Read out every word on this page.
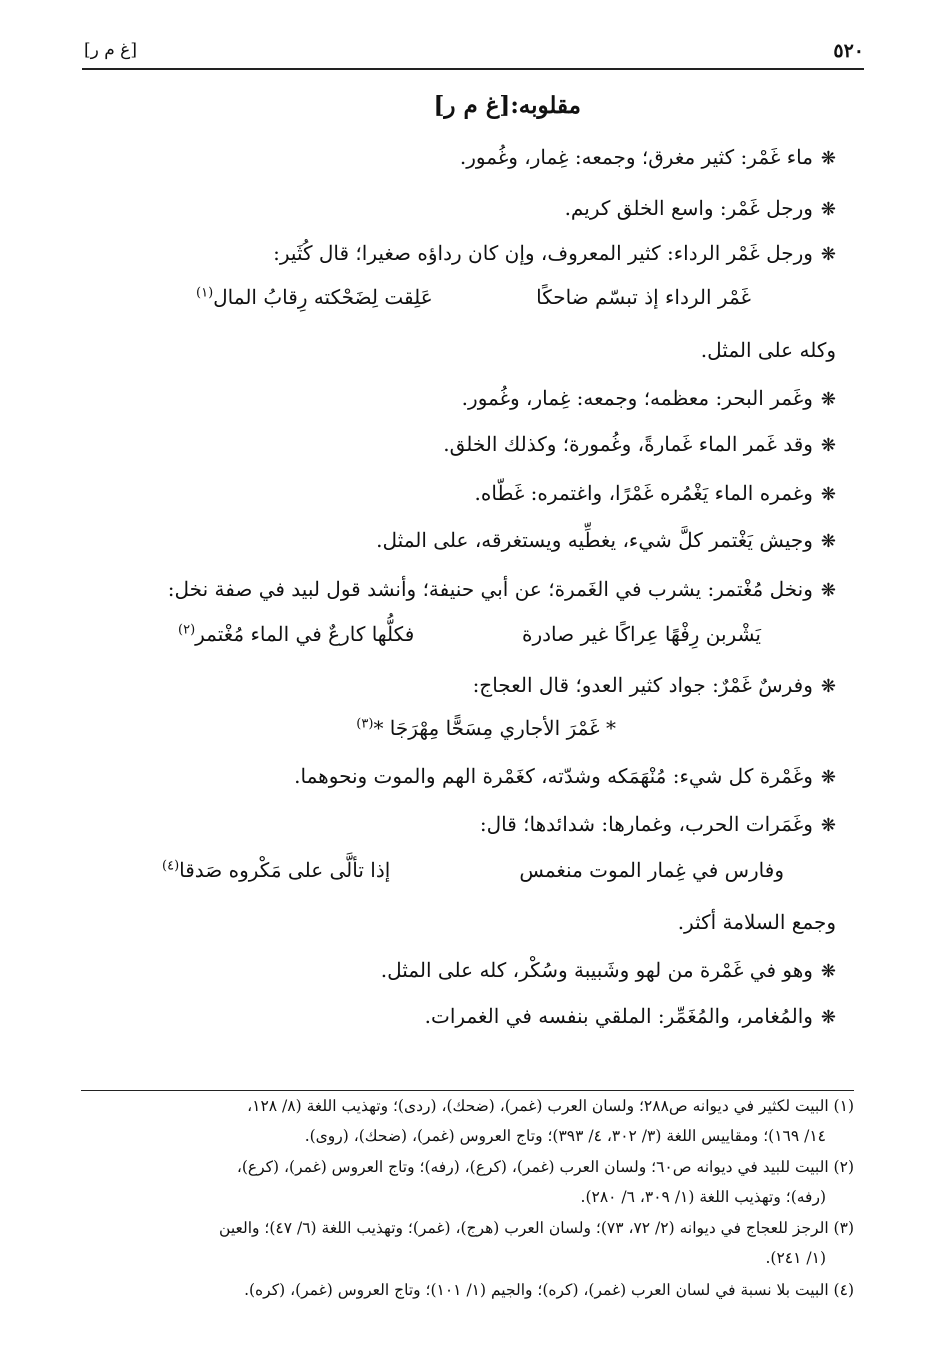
٥٢٠
[غ م ر]
مقلوبه:[غ م ر]
❋ماء غَمْر: كثير مغرق؛ وجمعه: غِمار، وغُمور.
❋ورجل غَمْر: واسع الخلق كريم.
❋ورجل غَمْر الرداء: كثير المعروف، وإن كان رداؤه صغيرا؛ قال كُثَير:
غَمْر الرداء إذ تبسّم ضاحكًا
عَلِقت لِضَحْكته رِقابُ المال$^{(١)}$
وكله على المثل.
❋وغَمر البحر: معظمه؛ وجمعه: غِمار، وغُمور.
❋وقد غَمر الماء غَمارةً، وغُمورة؛ وكذلك الخلق.
❋وغمره الماء يَغْمُره غَمْرًا، واغتمره: غَطّاه.
❋وجيش يَغْتمر كلَّ شيء، يغطِّيه ويستغرقه، على المثل.
❋ونخل مُغْتمر: يشرب في الغَمرة؛ عن أبي حنيفة؛ وأنشد قول لبيد في صفة نخل:
يَشْربن رِفْهًا عِراكًا غير صادرة
فكلُّها كارعٌ في الماء مُغْتمر$^{(٢)}$
❋وفرسٌ غَمْرٌ: جواد كثير العدو؛ قال العجاج:
* غَمْرَ الأجاري مِسَحًّا مِهْرَجَا *$^{(٣)}$
❋وغَمْرة كل شيء: مُنْهَمَكه وشدّته، كغَمْرة الهم والموت ونحوهما.
❋وغَمَرات الحرب، وغمارها: شدائدها؛ قال:
وفارس في غِمار الموت منغمس
إذا تألَّى على مَكْروه صَدقا$^{(٤)}$
وجمع السلامة أكثر.
❋وهو في غَمْرة من لهو وشَبيبة وسُكْر، كله على المثل.
❋والمُغامر، والمُغَمِّر: الملقي بنفسه في الغمرات.
(١) البيت لكثير في ديوانه ص٢٨٨؛ ولسان العرب (غمر)، (ضحك)، (ردى)؛ وتهذيب اللغة (٨/ ١٢٨،
١٤/ ١٦٩)؛ ومقاييس اللغة (٣/ ٣٠٢، ٤/ ٣٩٣)؛ وتاج العروس (غمر)، (ضحك)، (روى).
(٢) البيت للبيد في ديوانه ص٦٠؛ ولسان العرب (غمر)، (كرع)، (رفه)؛ وتاج العروس (غمر)، (كرع)،
(رفه)؛ وتهذيب اللغة (١/ ٣٠٩، ٦/ ٢٨٠).
(٣) الرجز للعجاج في ديوانه (٢/ ٧٢، ٧٣)؛ ولسان العرب (هرج)، (غمر)؛ وتهذيب اللغة (٦/ ٤٧)؛ والعين
(١/ ٢٤١).
(٤) البيت بلا نسبة في لسان العرب (غمر)، (كره)؛ والجيم (١/ ١٠١)؛ وتاج العروس (غمر)، (كره).
